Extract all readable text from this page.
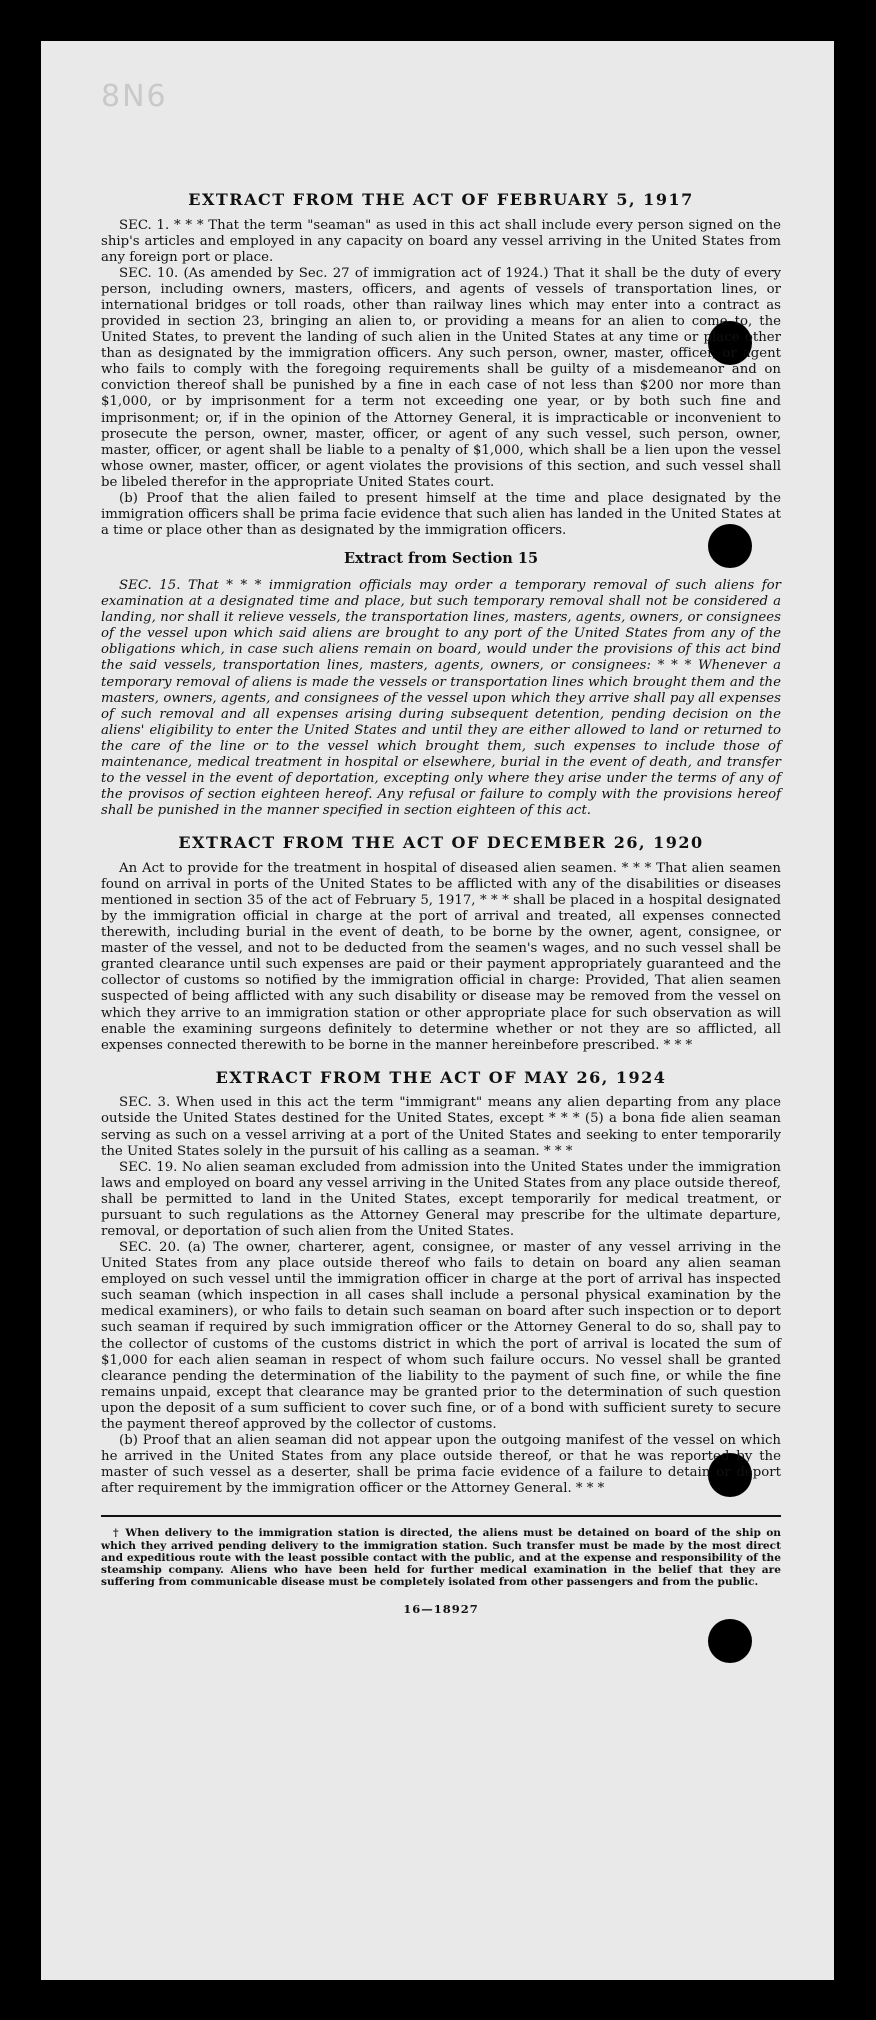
8N6
EXTRACT FROM THE ACT OF FEBRUARY 5, 1917

SEC. 1. * * * That the term "seaman" as used in this act shall include every person signed on the ship's articles and employed in any capacity on board any vessel arriving in the United States from any foreign port or place.

SEC. 10. (As amended by Sec. 27 of immigration act of 1924.) That it shall be the duty of every person, including owners, masters, officers, and agents of vessels of transportation lines, or international bridges or toll roads, other than railway lines which may enter into a contract as provided in section 23, bringing an alien to, or providing a means for an alien to come to, the United States, to prevent the landing of such alien in the United States at any time or place other than as designated by the immigration officers. Any such person, owner, master, officer, or agent who fails to comply with the foregoing requirements shall be guilty of a misdemeanor and on conviction thereof shall be punished by a fine in each case of not less than $200 nor more than $1,000, or by imprisonment for a term not exceeding one year, or by both such fine and imprisonment; or, if in the opinion of the Attorney General, it is impracticable or inconvenient to prosecute the person, owner, master, officer, or agent of any such vessel, such person, owner, master, officer, or agent shall be liable to a penalty of $1,000, which shall be a lien upon the vessel whose owner, master, officer, or agent violates the provisions of this section, and such vessel shall be libeled therefor in the appropriate United States court.

(b) Proof that the alien failed to present himself at the time and place designated by the immigration officers shall be prima facie evidence that such alien has landed in the United States at a time or place other than as designated by the immigration officers.

Extract from Section 15

SEC. 15. That * * * immigration officials may order a temporary removal of such aliens for examination at a designated time and place, but such temporary removal shall not be considered a landing, nor shall it relieve vessels, the transportation lines, masters, agents, owners, or consignees of the vessel upon which said aliens are brought to any port of the United States from any of the obligations which, in case such aliens remain on board, would under the provisions of this act bind the said vessels, transportation lines, masters, agents, owners, or consignees: * * * Whenever a temporary removal of aliens is made the vessels or transportation lines which brought them and the masters, owners, agents, and consignees of the vessel upon which they arrive shall pay all expenses of such removal and all expenses arising during subsequent detention, pending decision on the aliens' eligibility to enter the United States and until they are either allowed to land or returned to the care of the line or to the vessel which brought them, such expenses to include those of maintenance, medical treatment in hospital or elsewhere, burial in the event of death, and transfer to the vessel in the event of deportation, excepting only where they arise under the terms of any of the provisos of section eighteen hereof. Any refusal or failure to comply with the provisions hereof shall be punished in the manner specified in section eighteen of this act.

EXTRACT FROM THE ACT OF DECEMBER 26, 1920

An Act to provide for the treatment in hospital of diseased alien seamen. * * * That alien seamen found on arrival in ports of the United States to be afflicted with any of the disabilities or diseases mentioned in section 35 of the act of February 5, 1917, * * * shall be placed in a hospital designated by the immigration official in charge at the port of arrival and treated, all expenses connected therewith, including burial in the event of death, to be borne by the owner, agent, consignee, or master of the vessel, and not to be deducted from the seamen's wages, and no such vessel shall be granted clearance until such expenses are paid or their payment appropriately guaranteed and the collector of customs so notified by the immigration official in charge: Provided, That alien seamen suspected of being afflicted with any such disability or disease may be removed from the vessel on which they arrive to an immigration station or other appropriate place for such observation as will enable the examining surgeons definitely to determine whether or not they are so afflicted, all expenses connected therewith to be borne in the manner hereinbefore prescribed. * * *

EXTRACT FROM THE ACT OF MAY 26, 1924

SEC. 3. When used in this act the term "immigrant" means any alien departing from any place outside the United States destined for the United States, except * * * (5) a bona fide alien seaman serving as such on a vessel arriving at a port of the United States and seeking to enter temporarily the United States solely in the pursuit of his calling as a seaman. * * *

SEC. 19. No alien seaman excluded from admission into the United States under the immigration laws and employed on board any vessel arriving in the United States from any place outside thereof, shall be permitted to land in the United States, except temporarily for medical treatment, or pursuant to such regulations as the Attorney General may prescribe for the ultimate departure, removal, or deportation of such alien from the United States.

SEC. 20. (a) The owner, charterer, agent, consignee, or master of any vessel arriving in the United States from any place outside thereof who fails to detain on board any alien seaman employed on such vessel until the immigration officer in charge at the port of arrival has inspected such seaman (which inspection in all cases shall include a personal physical examination by the medical examiners), or who fails to detain such seaman on board after such inspection or to deport such seaman if required by such immigration officer or the Attorney General to do so, shall pay to the collector of customs of the customs district in which the port of arrival is located the sum of $1,000 for each alien seaman in respect of whom such failure occurs. No vessel shall be granted clearance pending the determination of the liability to the payment of such fine, or while the fine remains unpaid, except that clearance may be granted prior to the determination of such question upon the deposit of a sum sufficient to cover such fine, or of a bond with sufficient surety to secure the payment thereof approved by the collector of customs.

(b) Proof that an alien seaman did not appear upon the outgoing manifest of the vessel on which he arrived in the United States from any place outside thereof, or that he was reported by the master of such vessel as a deserter, shall be prima facie evidence of a failure to detain or deport after requirement by the immigration officer or the Attorney General. * * *

† When delivery to the immigration station is directed, the aliens must be detained on board of the ship on which they arrived pending delivery to the immigration station. Such transfer must be made by the most direct and expeditious route with the least possible contact with the public, and at the expense and responsibility of the steamship company. Aliens who have been held for further medical examination in the belief that they are suffering from communicable disease must be completely isolated from other passengers and from the public.

16—18927
